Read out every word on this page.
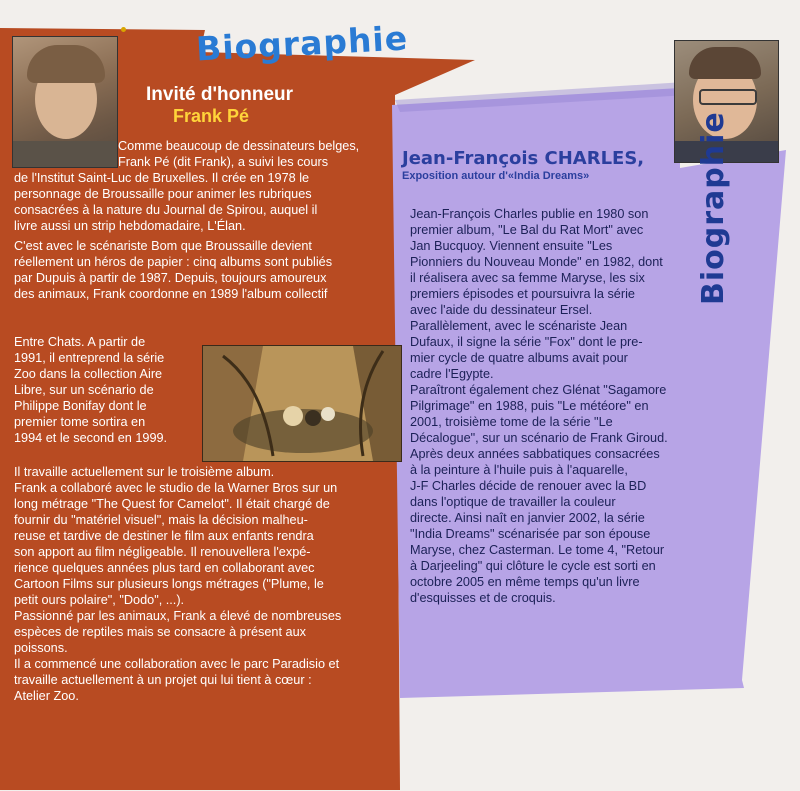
Biographie
Biographie
Invité d'honneur
Frank Pé
Jean-François CHARLES,
Exposition autour d'«India Dreams»
Comme beaucoup de dessinateurs belges,
Frank Pé (dit Frank), a suivi les cours
de l'Institut Saint-Luc de Bruxelles. Il crée en 1978 le
personnage de Broussaille pour animer les rubriques
consacrées à la nature du Journal de Spirou, auquel il
livre aussi un strip hebdomadaire, L'Élan.
C'est avec le scénariste Bom que Broussaille devient
réellement un héros de papier : cinq albums sont publiés
par Dupuis à partir de 1987. Depuis, toujours amoureux
des animaux, Frank coordonne en 1989 l'album collectif
Entre Chats. A partir de
1991, il entreprend la série
Zoo dans la collection Aire
Libre, sur un scénario de
Philippe Bonifay dont le
premier tome sortira en
1994 et le second en 1999.
Il travaille actuellement sur le troisième album.
Frank a collaboré avec le studio de la Warner Bros sur un
long métrage "The Quest for Camelot". Il était chargé de
fournir du "matériel visuel", mais la décision malheu-
reuse et tardive de destiner le film aux enfants rendra
son apport au film négligeable. Il renouvellera l'expé-
rience quelques années plus tard en collaborant avec
Cartoon Films sur plusieurs longs métrages ("Plume, le
petit ours polaire", "Dodo", ...).
Passionné par les animaux, Frank a élevé de nombreuses
espèces de reptiles mais se consacre à présent aux
poissons.
Il a commencé une collaboration avec le parc Paradisio et
travaille actuellement à un projet qui lui tient à cœur :
Atelier Zoo.
Jean-François Charles publie en 1980 son
premier album, "Le Bal du Rat Mort" avec
Jan Bucquoy. Viennent ensuite "Les
Pionniers du Nouveau Monde" en 1982, dont
il réalisera avec sa femme Maryse, les six
premiers épisodes et poursuivra la série
avec l'aide du dessinateur Ersel.
Parallèlement, avec le scénariste Jean
Dufaux, il signe la série "Fox" dont le pre-
mier cycle de quatre albums avait pour
cadre l'Egypte.
Paraîtront également chez Glénat "Sagamore
Pilgrimage" en 1988, puis "Le météore" en
2001, troisième tome de la série "Le
Décalogue", sur un scénario de Frank Giroud.
Après deux années sabbatiques consacrées
à la peinture à l'huile puis à l'aquarelle,
J-F Charles décide de renouer avec la BD
dans l'optique de travailler la couleur
directe. Ainsi naît en janvier 2002, la série
"India Dreams" scénarisée par son épouse
Maryse, chez Casterman. Le tome 4, "Retour
à Darjeeling" qui clôture le cycle est sorti en
octobre 2005 en même temps qu'un livre
d'esquisses et de croquis.
